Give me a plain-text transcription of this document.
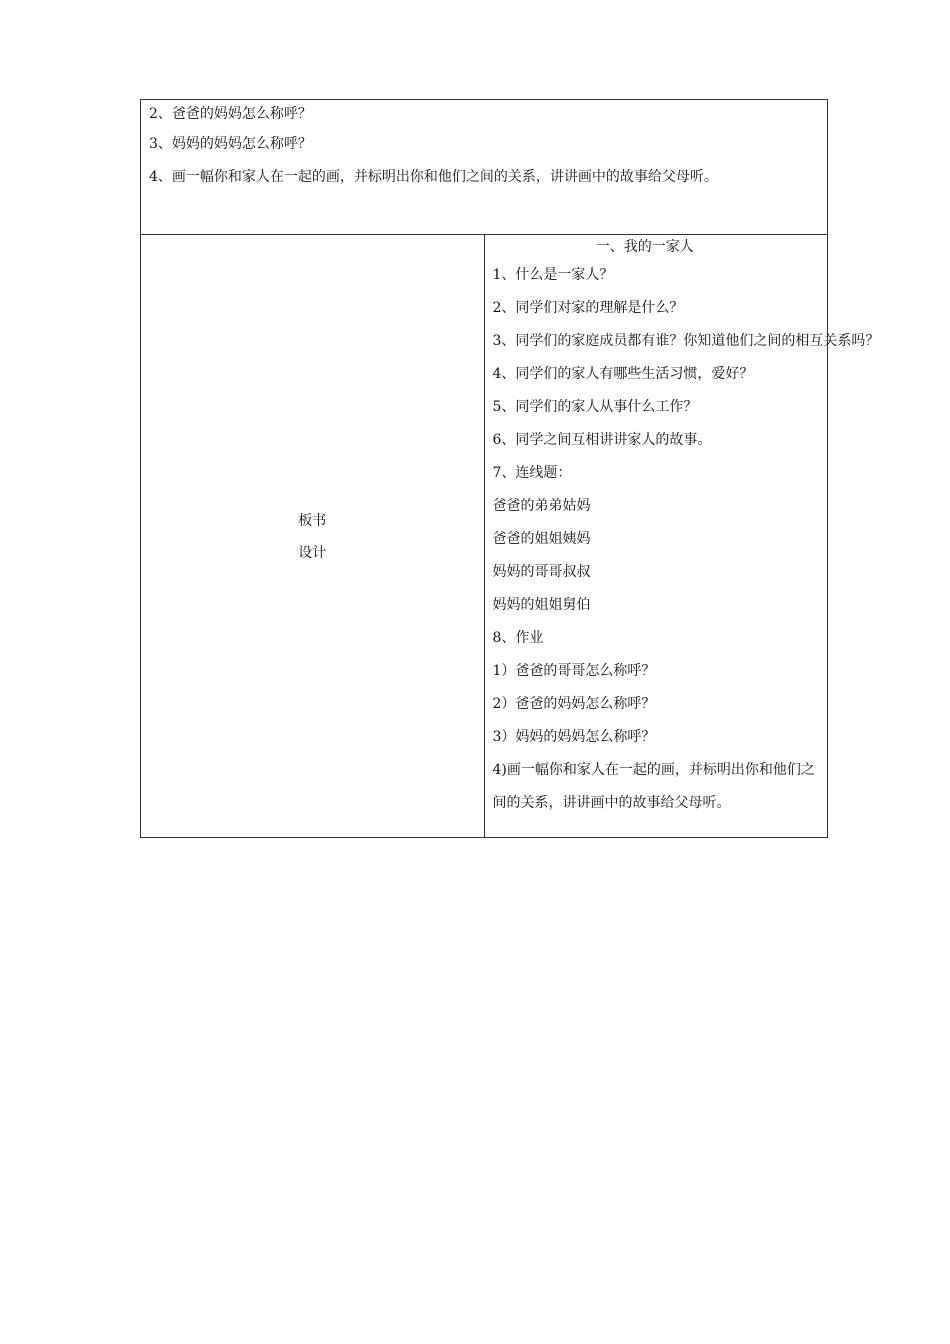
2、爸爸的妈妈怎么称呼？

3、妈妈的妈妈怎么称呼？

4、画一幅你和家人在一起的画，并标明出你和他们之间的关系，讲讲画中的故事给父母听。

板书
设计

一、我的一家人

1、什么是一家人？

2、同学们对家的理解是什么？

3、同学们的家庭成员都有谁？你知道他们之间的相互关系吗？

4、同学们的家人有哪些生活习惯，爱好？

5、同学们的家人从事什么工作？

6、同学之间互相讲讲家人的故事。

7、连线题：

爸爸的弟弟姑妈

爸爸的姐姐姨妈

妈妈的哥哥叔叔

妈妈的姐姐舅伯

8、作业

1）爸爸的哥哥怎么称呼？

2）爸爸的妈妈怎么称呼？

3）妈妈的妈妈怎么称呼？

4)画一幅你和家人在一起的画，并标明出你和他们之间的关系，讲讲画中的故事给父母听。
